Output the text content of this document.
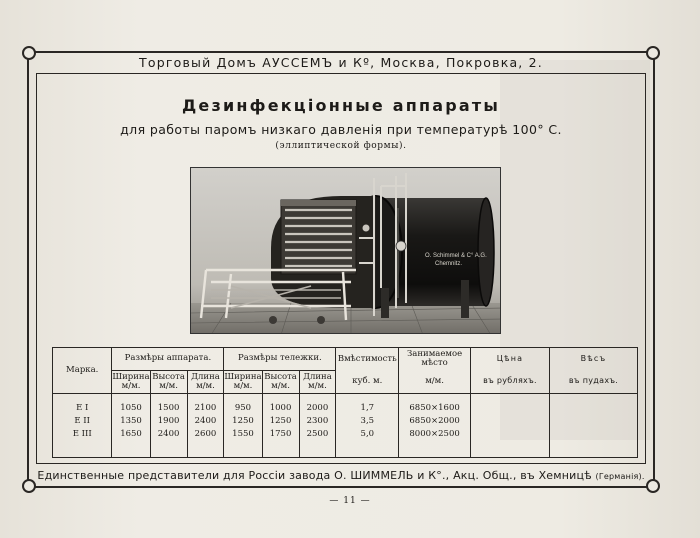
Торговый Домъ АУССЕМЪ и Кº, Москва, Покровка, 2.
Дезинфекціонные аппараты
для работы паромъ низкаго давленія при температурѣ 100° С.
(эллиптической формы).
O. Schimmel & C° A.G.
Chemnitz.
Марка.	Размѣры аппарата.			Размѣры тележки.			Вмѣстимость	Занимаемое мѣсто	Цѣна	Вѣсъ
	Ширина м/м.	Высота м/м.	Длина м/м.	Ширина м/м.	Высота м/м.	Длина м/м.	куб. м.	м/м.	въ рубляхъ.	въ пудахъ.

Е I	1050	1500	2100	950	1000	2000	1,7	6850×1600		
Е II	1350	1900	2400	1250	1250	2300	3,5	6850×2000		
Е III	1650	2400	2600	1550	1750	2500	5,0	8000×2500		

Единственные представители для Россіи завода О. ШИММЕЛЬ и К°., Акц. Общ., въ Хемницѣ (Германія).
— 11 —
